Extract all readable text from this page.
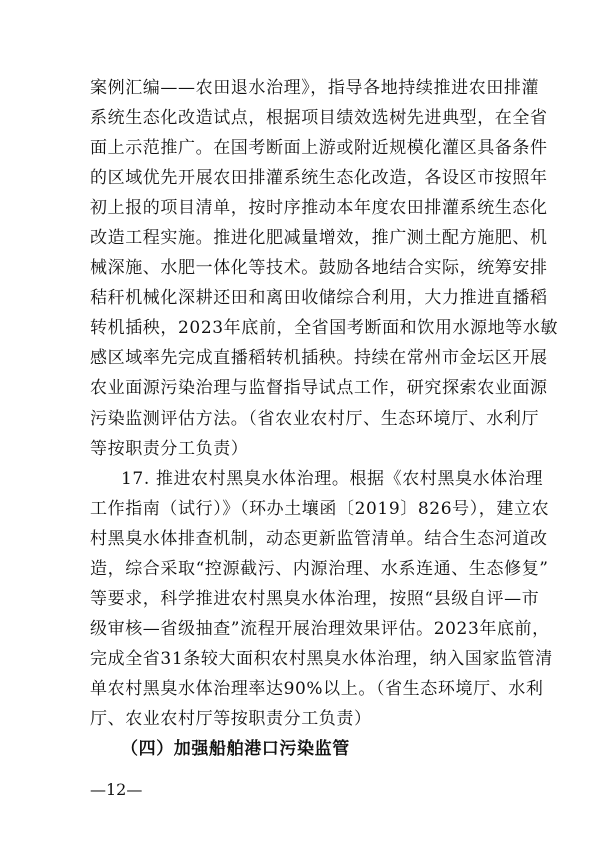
案例汇编——农田退水治理》，指导各地持续推进农田排灌
系统生态化改造试点，根据项目绩效选树先进典型，在全省
面上示范推广。在国考断面上游或附近规模化灌区具备条件
的区域优先开展农田排灌系统生态化改造，各设区市按照年
初上报的项目清单，按时序推动本年度农田排灌系统生态化
改造工程实施。推进化肥减量增效，推广测土配方施肥、机
械深施、水肥一体化等技术。鼓励各地结合实际，统筹安排
秸秆机械化深耕还田和离田收储综合利用，大力推进直播稻
转机插秧，2023年底前，全省国考断面和饮用水源地等水敏
感区域率先完成直播稻转机插秧。持续在常州市金坛区开展
农业面源污染治理与监督指导试点工作，研究探索农业面源
污染监测评估方法。（省农业农村厅、生态环境厅、水利厅
等按职责分工负责）
17. 推进农村黑臭水体治理。根据《农村黑臭水体治理
工作指南（试行）》（环办土壤函〔2019〕826号），建立农
村黑臭水体排查机制，动态更新监管清单。结合生态河道改
造，综合采取“控源截污、内源治理、水系连通、生态修复”
等要求，科学推进农村黑臭水体治理，按照“县级自评—市
级审核—省级抽查”流程开展治理效果评估。2023年底前，
完成全省31条较大面积农村黑臭水体治理，纳入国家监管清
单农村黑臭水体治理率达90%以上。（省生态环境厅、水利
厅、农业农村厅等按职责分工负责）
（四）加强船舶港口污染监管
—12—
